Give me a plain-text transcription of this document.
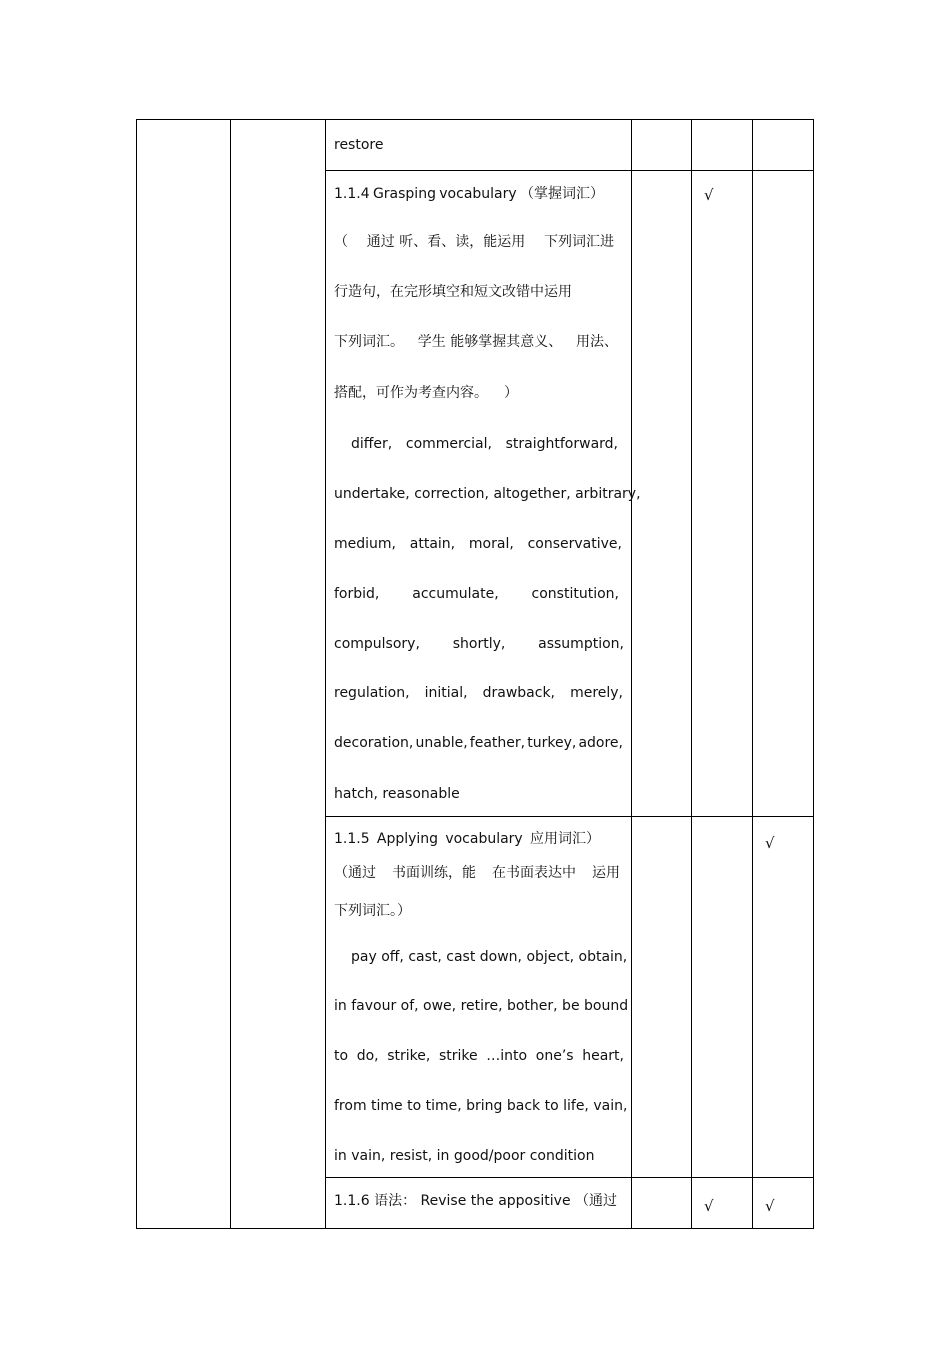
restore
1.1.4 Grasping vocabulary （掌握词汇）
（ 通过 听、看、读，能运用 下列词汇进
行造句，在完形填空和短文改错中运用
下列词汇。 学生 能够掌握其意义、 用法、
搭配，可作为考查内容。 ）
differ, commercial, straightforward,
undertake, correction, altogether, arbitrary,
medium, attain, moral, conservative,
forbid, accumulate, constitution,
compulsory, shortly, assumption,
regulation, initial, drawback, merely,
decoration, unable, feather, turkey, adore,
hatch, reasonable
√
1.1.5 Applying vocabulary 应用词汇）
（通过 书面训练，能 在书面表达中 运用
下列词汇。）
pay off, cast, cast down, object, obtain,
in favour of, owe, retire, bother, be bound
to do, strike, strike …into one’s heart,
from time to time, bring back to life, vain,
in vain, resist, in good/poor condition
√
1.1.6 语法： Revise the appositive （通过	√	√
